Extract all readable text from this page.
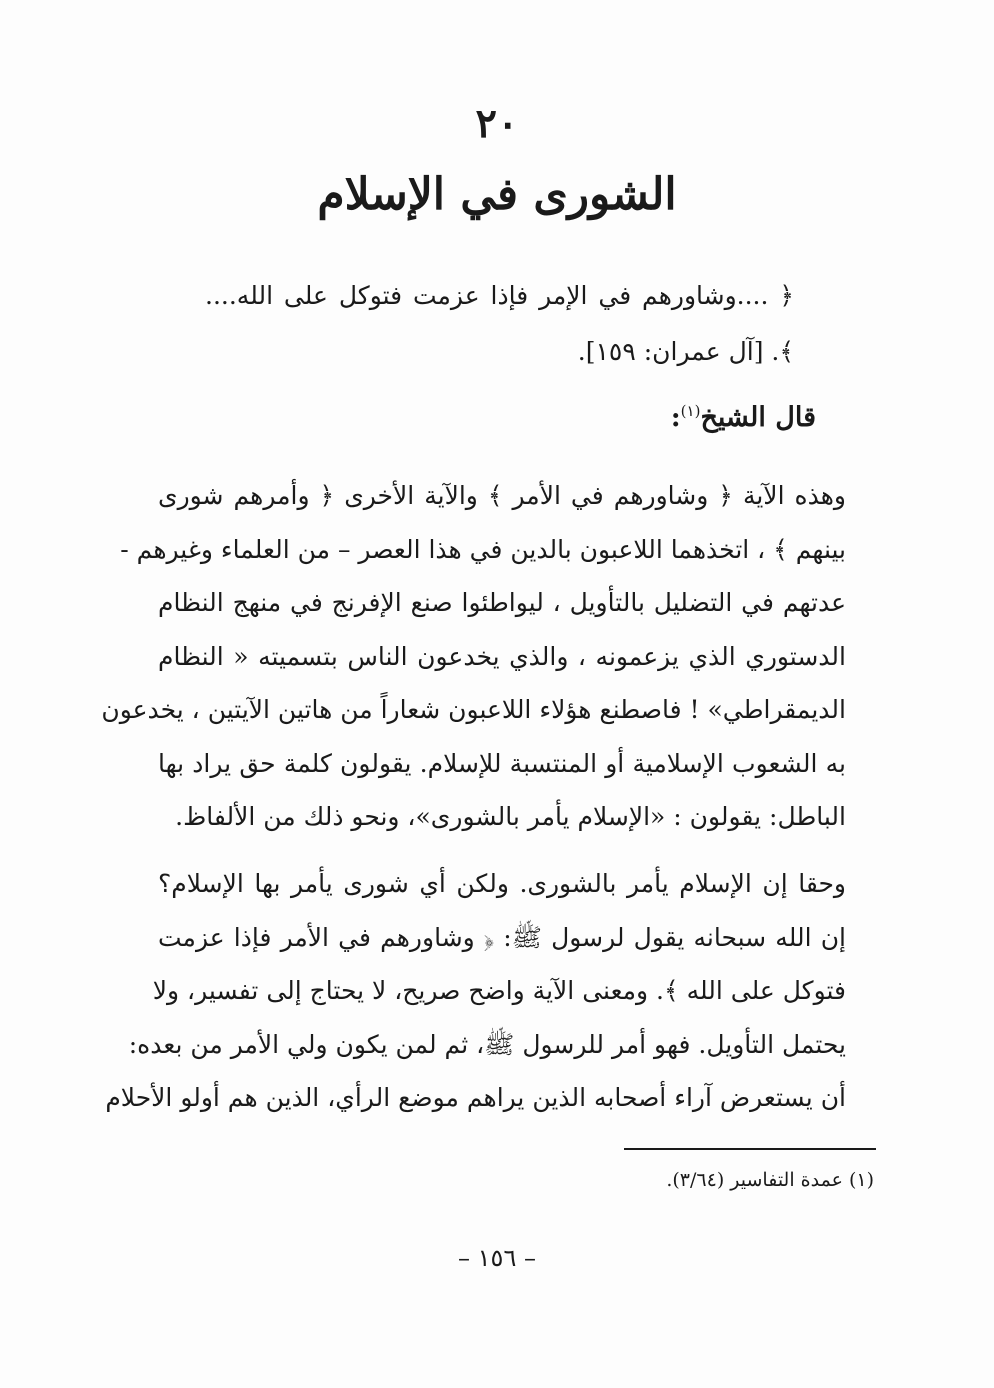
٢٠
الشورى في الإسلام
﴿ ....وشاورهم في الإمر فإذا عزمت فتوكل على الله.... ﴾. [آل عمران: ١٥٩].
قال الشيخ$^{(١)}$:
وهذه الآية ﴿ وشاورهم في الأمر ﴾ والآية الأخرى ﴿ وأمرهم شورى
بينهم ﴾ ، اتخذهما اللاعبون بالدين في هذا العصر – من العلماء وغيرهم -
عدتهم في التضليل بالتأويل ، ليواطئوا صنع الإفرنج في منهج النظام
الدستوري الذي يزعمونه ، والذي يخدعون الناس بتسميته « النظام
الديمقراطي» ! فاصطنع هؤلاء اللاعبون شعاراً من هاتين الآيتين ، يخدعون
به الشعوب الإسلامية أو المنتسبة للإسلام. يقولون كلمة حق يراد بها
الباطل: يقولون : «الإسلام يأمر بالشورى»، ونحو ذلك من الألفاظ.
وحقا إن الإسلام يأمر بالشورى. ولكن أي شورى يأمر بها الإسلام؟
إن الله سبحانه يقول لرسول ﷺ: ﴿ وشاورهم في الأمر فإذا عزمت
فتوكل على الله ﴾. ومعنى الآية واضح صريح، لا يحتاج إلى تفسير، ولا
يحتمل التأويل. فهو أمر للرسول ﷺ، ثم لمن يكون ولي الأمر من بعده:
أن يستعرض آراء أصحابه الذين يراهم موضع الرأي، الذين هم أولو الأحلام
(١) عمدة التفاسير (٣/٦٤).
– ١٥٦ –
